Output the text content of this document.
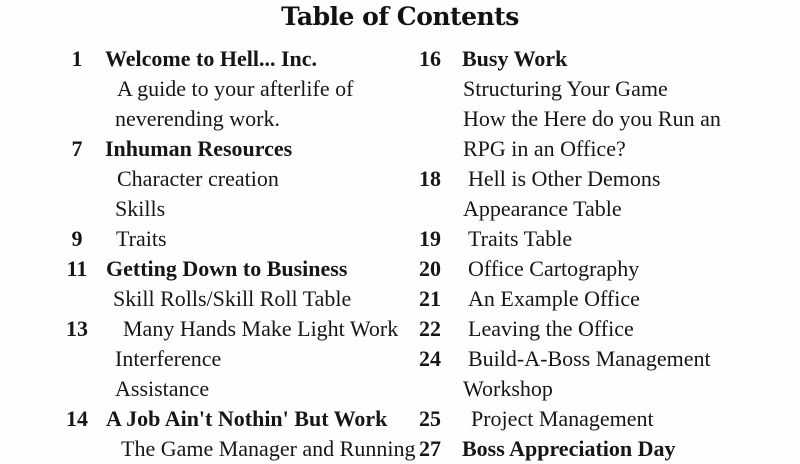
Table of Contents
1	Welcome to Hell... Inc.
A guide to your afterlife of
neverending work.
7	Inhuman Resources
Character creation
Skills
9	Traits
11 Getting Down to Business
Skill Rolls/Skill Roll Table
13 Many Hands Make Light Work
Interference
Assistance
14 A Job Ain't Nothin' But Work
The Game Manager and Running
16 Busy Work
Structuring Your Game
How the Here do you Run an
RPG in an Office?
18 Hell is Other Demons
Appearance Table
19 Traits Table
20 Office Cartography
21 An Example Office
22 Leaving the Office
24 Build-A-Boss Management
Workshop
25 Project Management
27 Boss Appreciation Day
